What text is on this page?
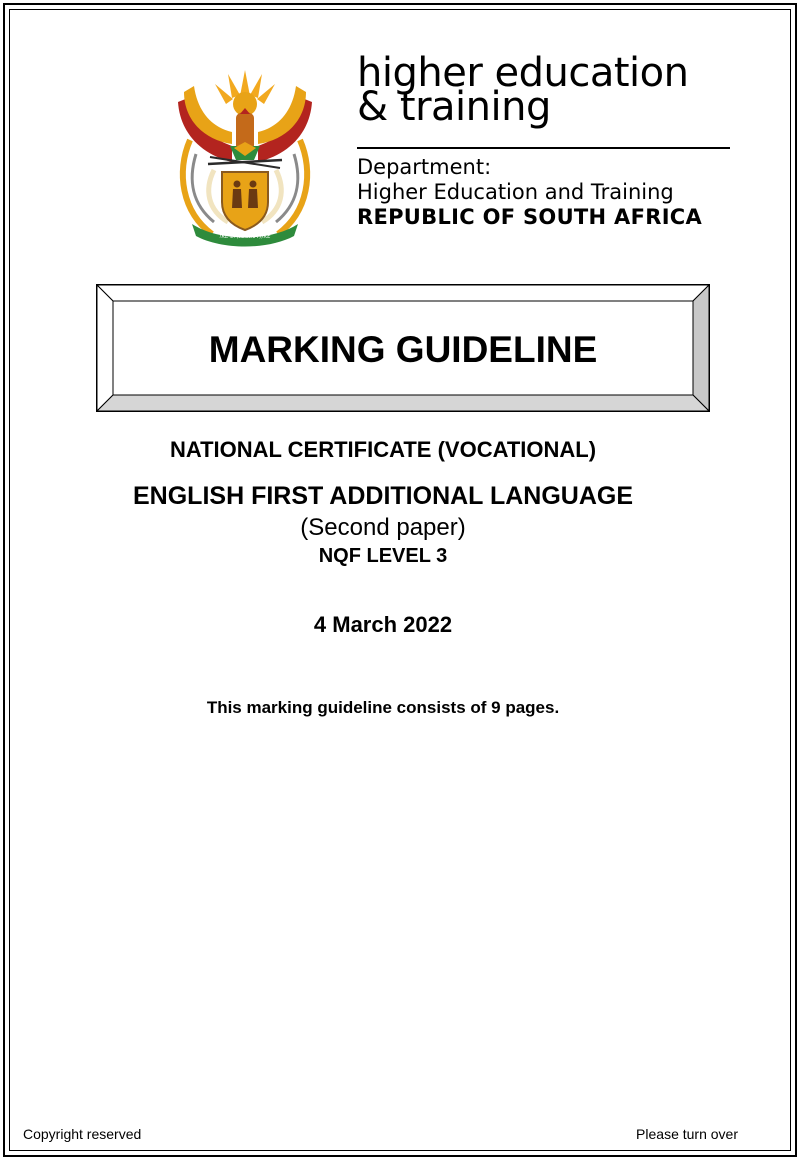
!KE E: /XARRA //KE
higher education
& training
Department:
Higher Education and Training
REPUBLIC OF SOUTH AFRICA
MARKING GUIDELINE
NATIONAL CERTIFICATE (VOCATIONAL)
ENGLISH FIRST ADDITIONAL LANGUAGE
(Second paper)
NQF LEVEL 3
4 March 2022
This marking guideline consists of 9 pages.
Copyright reserved	Please turn over
